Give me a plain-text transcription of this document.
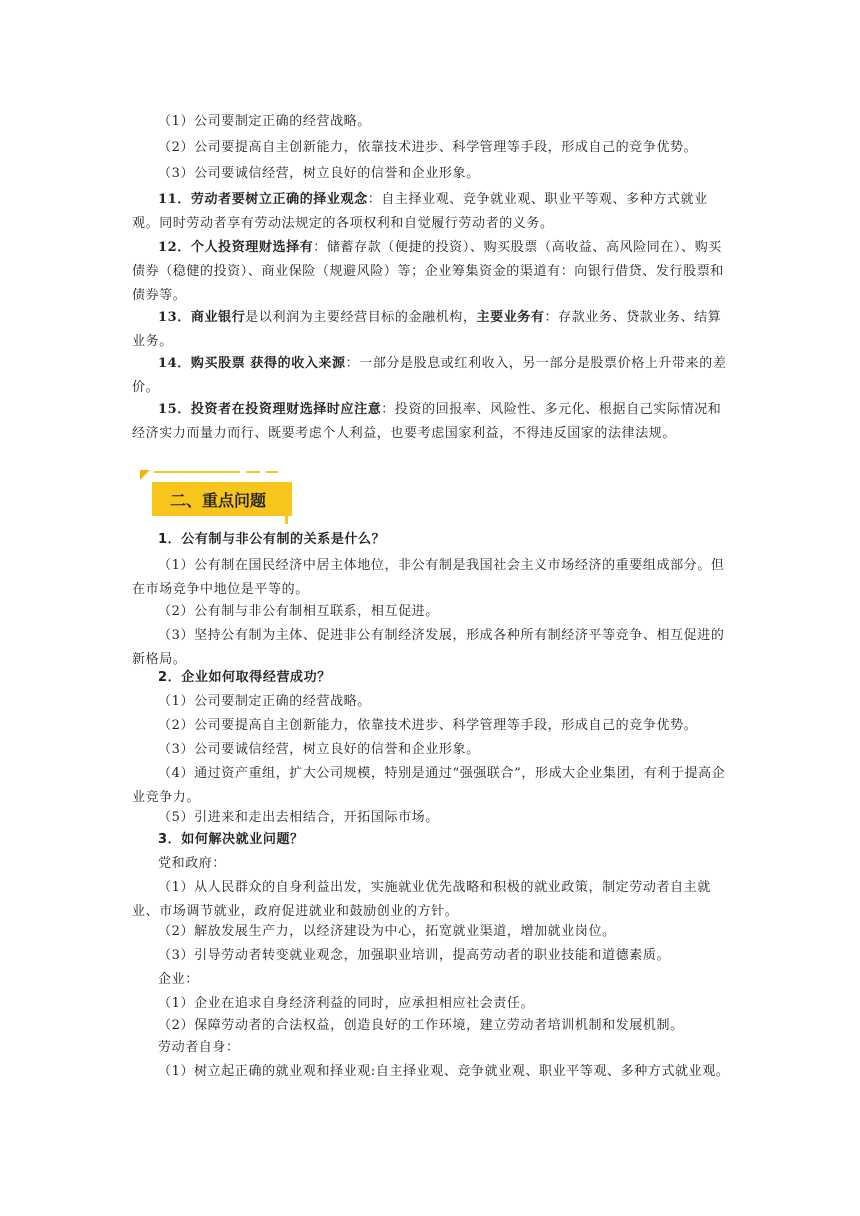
（1）公司要制定正确的经营战略。
（2）公司要提高自主创新能力，依靠技术进步、科学管理等手段，形成自己的竞争优势。
（3）公司要诚信经营，树立良好的信誉和企业形象。
11．劳动者要树立正确的择业观念：自主择业观、竞争就业观、职业平等观、多种方式就业观。同时劳动者享有劳动法规定的各项权利和自觉履行劳动者的义务。
12．个人投资理财选择有：储蓄存款（便捷的投资）、购买股票（高收益、高风险同在）、购买债券（稳健的投资）、商业保险（规避风险）等；企业筹集资金的渠道有：向银行借贷、发行股票和债券等。
13．商业银行是以利润为主要经营目标的金融机构，主要业务有：存款业务、贷款业务、结算业务。
14．购买股票 获得的收入来源：一部分是股息或红利收入，另一部分是股票价格上升带来的差价。
15．投资者在投资理财选择时应注意：投资的回报率、风险性、多元化、根据自己实际情况和经济实力而量力而行、既要考虑个人利益，也要考虑国家利益，不得违反国家的法律法规。
二、重点问题
1．公有制与非公有制的关系是什么？
（1）公有制在国民经济中居主体地位，非公有制是我国社会主义市场经济的重要组成部分。但在市场竞争中地位是平等的。
（2）公有制与非公有制相互联系，相互促进。
（3）坚持公有制为主体、促进非公有制经济发展，形成各种所有制经济平等竞争、相互促进的新格局。
2．企业如何取得经营成功？
（1）公司要制定正确的经营战略。
（2）公司要提高自主创新能力，依靠技术进步、科学管理等手段，形成自己的竞争优势。
（3）公司要诚信经营，树立良好的信誉和企业形象。
（4）通过资产重组，扩大公司规模，特别是通过“强强联合”，形成大企业集团，有利于提高企业竞争力。
（5）引进来和走出去相结合，开拓国际市场。
3．如何解决就业问题？
党和政府：
（1）从人民群众的自身利益出发，实施就业优先战略和积极的就业政策，制定劳动者自主就业、市场调节就业，政府促进就业和鼓励创业的方针。
（2）解放发展生产力，以经济建设为中心，拓宽就业渠道，增加就业岗位。
（3）引导劳动者转变就业观念，加强职业培训，提高劳动者的职业技能和道德素质。
企业：
（1）企业在追求自身经济利益的同时，应承担相应社会责任。
（2）保障劳动者的合法权益，创造良好的工作环境，建立劳动者培训机制和发展机制。
劳动者自身：
（1）树立起正确的就业观和择业观:自主择业观、竞争就业观、职业平等观、多种方式就业观。
